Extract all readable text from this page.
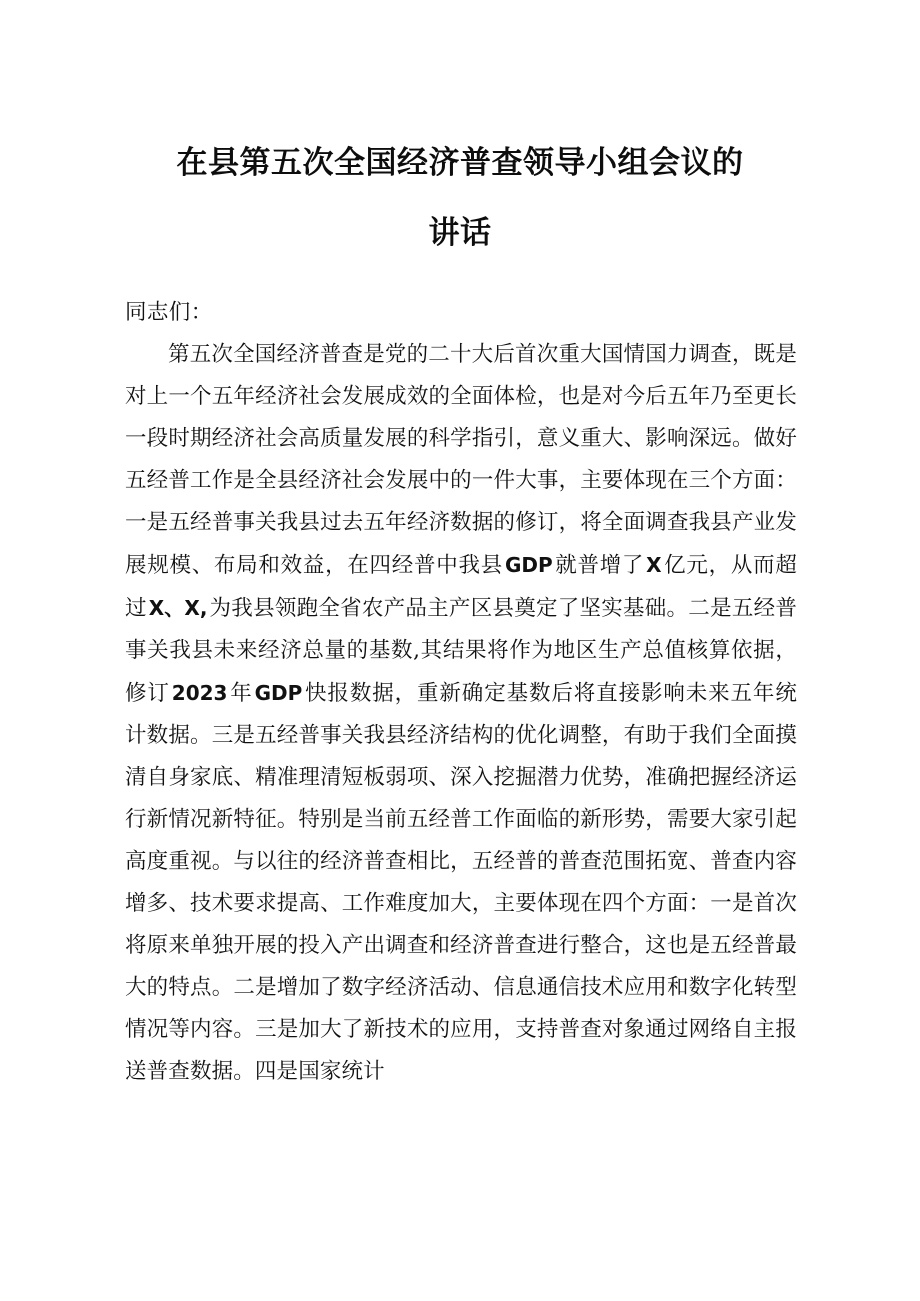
在县第五次全国经济普查领导小组会议的
讲话

同志们：

第五次全国经济普查是党的二十大后首次重大国情国力调查，既是对上一个五年经济社会发展成效的全面体检，也是对今后五年乃至更长一段时期经济社会高质量发展的科学指引，意义重大、影响深远。做好五经普工作是全县经济社会发展中的一件大事，主要体现在三个方面：一是五经普事关我县过去五年经济数据的修订，将全面调查我县产业发展规模、布局和效益，在四经普中我县 GDP就普增了 X亿元，从而超过 X、X,为我县领跑全省农产品主产区县奠定了坚实基础。二是五经普事关我县未来经济总量的基数,其结果将作为地区生产总值核算依据，修订 2023年 GDP快报数据，重新确定基数后将直接影响未来五年统计数据。三是五经普事关我县经济结构的优化调整，有助于我们全面摸清自身家底、精准理清短板弱项、深入挖掘潜力优势，准确把握经济运行新情况新特征。特别是当前五经普工作面临的新形势，需要大家引起高度重视。与以往的经济普查相比，五经普的普查范围拓宽、普查内容增多、技术要求提高、工作难度加大，主要体现在四个方面：一是首次将原来单独开展的投入产出调查和经济普查进行整合，这也是五经普最大的特点。二是增加了数字经济活动、信息通信技术应用和数字化转型情况等内容。三是加大了新技术的应用，支持普查对象通过网络自主报送普查数据。四是国家统计
